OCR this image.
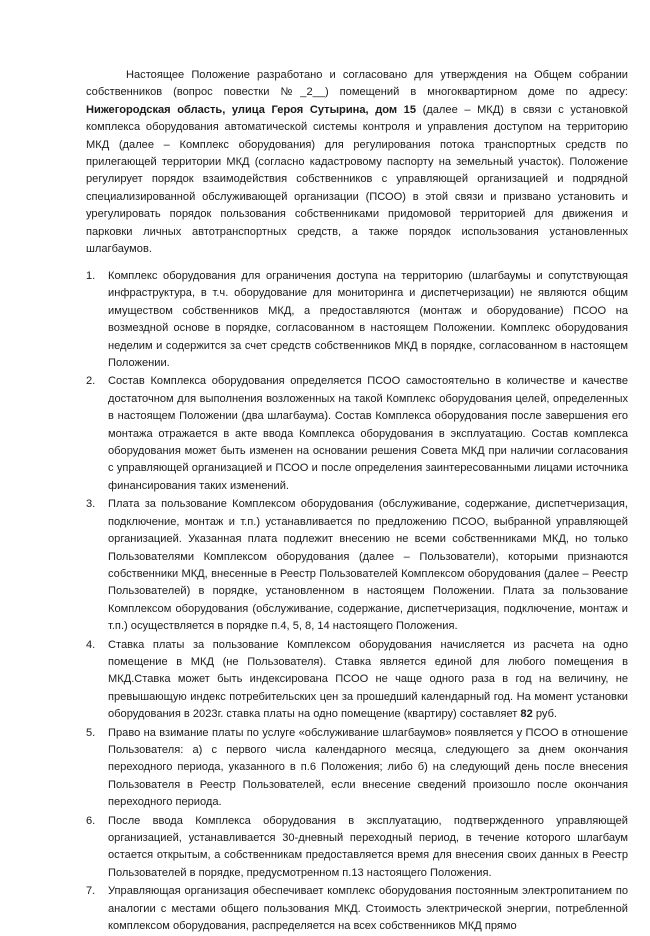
Настоящее Положение разработано и согласовано для утверждения на Общем собрании собственников (вопрос повестки №_2__) помещений в многоквартирном доме по адресу: Нижегородская область, улица Героя Сутырина, дом 15 (далее – МКД) в связи с установкой комплекса оборудования автоматической системы контроля и управления доступом на территорию МКД (далее – Комплекс оборудования) для регулирования потока транспортных средств по прилегающей территории МКД (согласно кадастровому паспорту на земельный участок). Положение регулирует порядок взаимодействия собственников с управляющей организацией и подрядной специализированной обслуживающей организации (ПСОО) в этой связи и призвано установить и урегулировать порядок пользования собственниками придомовой территорией для движения и парковки личных автотранспортных средств, а также порядок использования установленных шлагбаумов.

1.	Комплекс оборудования для ограничения доступа на территорию (шлагбаумы и сопутствующая инфраструктура, в т.ч. оборудование для мониторинга и диспетчеризации) не являются общим имуществом собственников МКД, а предоставляются (монтаж и оборудование) ПСОО на возмездной основе в порядке, согласованном в настоящем Положении. Комплекс оборудования неделим и содержится за счет средств собственников МКД в порядке, согласованном в настоящем Положении.
2.	Состав Комплекса оборудования определяется ПСОО самостоятельно в количестве и качестве достаточном для выполнения возложенных на такой Комплекс оборудования целей, определенных в настоящем Положении (два шлагбаума). Состав Комплекса оборудования после завершения его монтажа отражается в акте ввода Комплекса оборудования в эксплуатацию. Состав комплекса оборудования может быть изменен на основании решения Совета МКД при наличии согласования с управляющей организацией и ПСОО и после определения заинтересованными лицами источника финансирования таких изменений.
3.	Плата за пользование Комплексом оборудования (обслуживание, содержание, диспетчеризация, подключение, монтаж и т.п.) устанавливается по предложению ПСОО, выбранной управляющей организацией. Указанная плата подлежит внесению не всеми собственниками МКД, но только Пользователями Комплексом оборудования (далее – Пользователи), которыми признаются собственники МКД, внесенные в Реестр Пользователей Комплексом оборудования (далее – Реестр Пользователей) в порядке, установленном в настоящем Положении. Плата за пользование Комплексом оборудования (обслуживание, содержание, диспетчеризация, подключение, монтаж и т.п.) осуществляется в порядке п.4, 5, 8, 14 настоящего Положения.
4.	Ставка платы за пользование Комплексом оборудования начисляется из расчета на одно помещение в МКД (не Пользователя). Ставка является единой для любого помещения в МКД.Ставка может быть индексирована ПСОО не чаще одного раза в год на величину, не превышающую индекс потребительских цен за прошедший календарный год. На момент установки оборудования в 2023г. ставка платы на одно помещение (квартиру) составляет 82 руб.
5.	Право на взимание платы по услуге «обслуживание шлагбаумов» появляется у ПСОО в отношение Пользователя: а) с первого числа календарного месяца, следующего за днем окончания переходного периода, указанного в п.6 Положения; либо б) на следующий день после внесения Пользователя в Реестр Пользователей, если внесение сведений произошло после окончания переходного периода.
6.	После ввода Комплекса оборудования в эксплуатацию, подтвержденного управляющей организацией, устанавливается 30-дневный переходный период, в течение которого шлагбаум остается открытым, а собственникам предоставляется время для внесения своих данных в Реестр Пользователей в порядке, предусмотренном п.13 настоящего Положения.
7.	Управляющая организация обеспечивает комплекс оборудования постоянным электропитанием по аналогии с местами общего пользования МКД. Стоимость электрической энергии, потребленной комплексом оборудования, распределяется на всех собственников МКД прямо
